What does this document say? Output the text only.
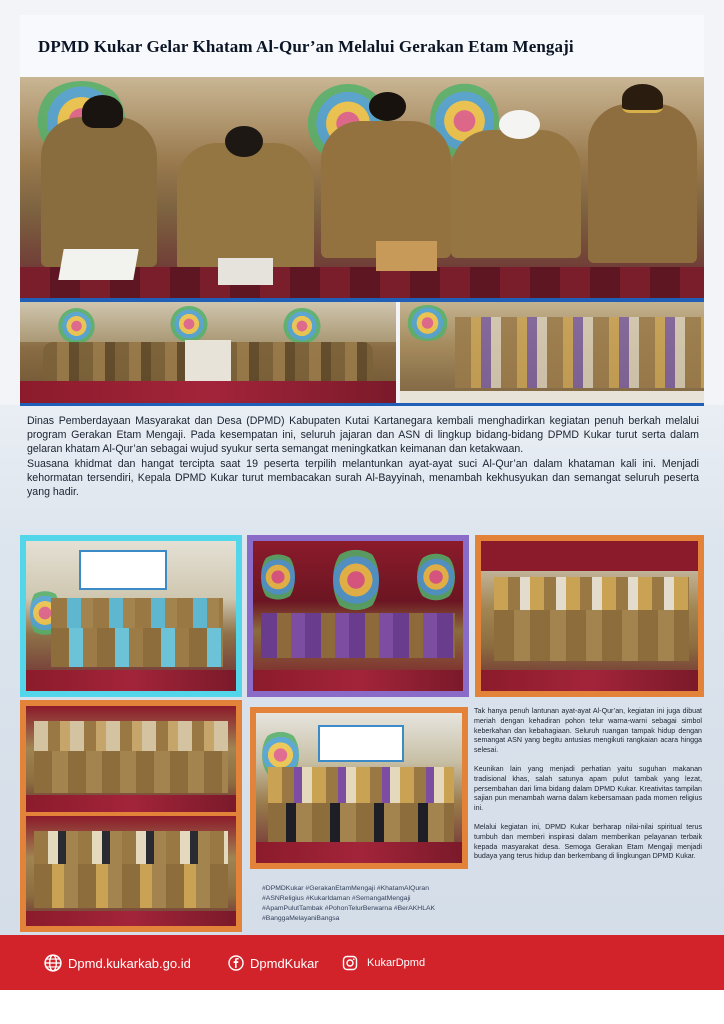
DPMD Kukar Gelar Khatam Al-Qur’an Melalui Gerakan Etam Mengaji

Dinas Pemberdayaan Masyarakat dan Desa (DPMD) Kabupaten Kutai Kartanegara kembali menghadirkan kegiatan penuh berkah melalui program Gerakan Etam Mengaji. Pada kesempatan ini, seluruh jajaran dan ASN di lingkup bidang-bidang DPMD Kukar turut serta dalam gelaran khatam Al-Qur’an sebagai wujud syukur serta semangat meningkatkan keimanan dan ketakwaan.

Suasana khidmat dan hangat tercipta saat 19 peserta terpilih melantunkan ayat-ayat suci Al-Qur’an dalam khataman kali ini. Menjadi kehormatan tersendiri, Kepala DPMD Kukar turut membacakan surah Al-Bayyinah, menambah kekhusyukan dan semangat seluruh peserta yang hadir.

#DPMDKukar #GerakanEtamMengaji #KhatamAlQuran #ASNReligius #KukarIdaman #SemangatMengaji #ApamPulutTambak #PohonTelurBerwarna #BerAKHLAK #BanggaMelayaniBangsa

Tak hanya penuh lantunan ayat-ayat Al-Qur’an, kegiatan ini juga dibuat meriah dengan kehadiran pohon telur warna-warni sebagai simbol keberkahan dan kebahagiaan. Seluruh ruangan tampak hidup dengan semangat ASN yang begitu antusias mengikuti rangkaian acara hingga selesai.

Keunikan lain yang menjadi perhatian yaitu suguhan makanan tradisional khas, salah satunya apam pulut tambak yang lezat, persembahan dari lima bidang dalam DPMD Kukar. Kreativitas tampilan sajian pun menambah warna dalam kebersamaan pada momen religius ini.

Melalui kegiatan ini, DPMD Kukar berharap nilai-nilai spiritual terus tumbuh dan memberi inspirasi dalam memberikan pelayanan terbaik kepada masyarakat desa. Semoga Gerakan Etam Mengaji menjadi budaya yang terus hidup dan berkembang di lingkungan DPMD Kukar.

Dpmd.kukarkab.go.id	DpmdKukar	KukarDpmd
